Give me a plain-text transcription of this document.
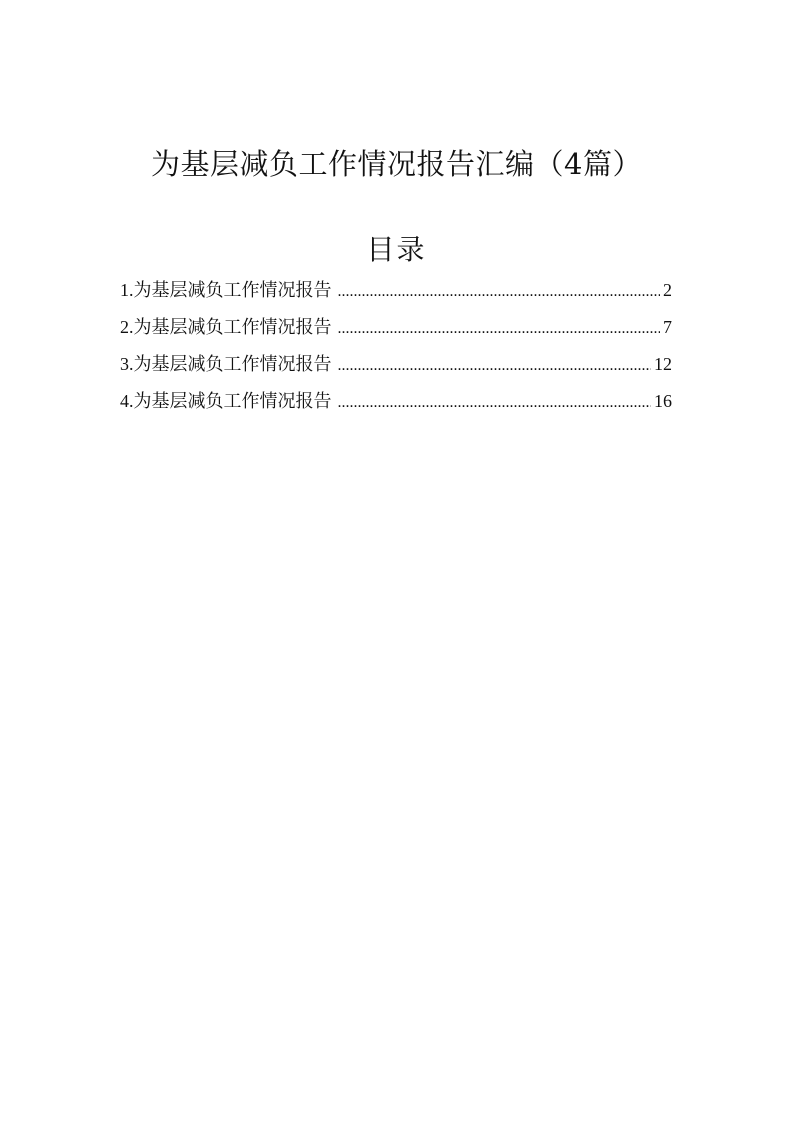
为基层减负工作情况报告汇编（4篇）
目录
1. 为基层减负工作情况报告 .....	2
2. 为基层减负工作情况报告 .....	7
3. 为基层减负工作情况报告 .....	12
4. 为基层减负工作情况报告 .....	16
